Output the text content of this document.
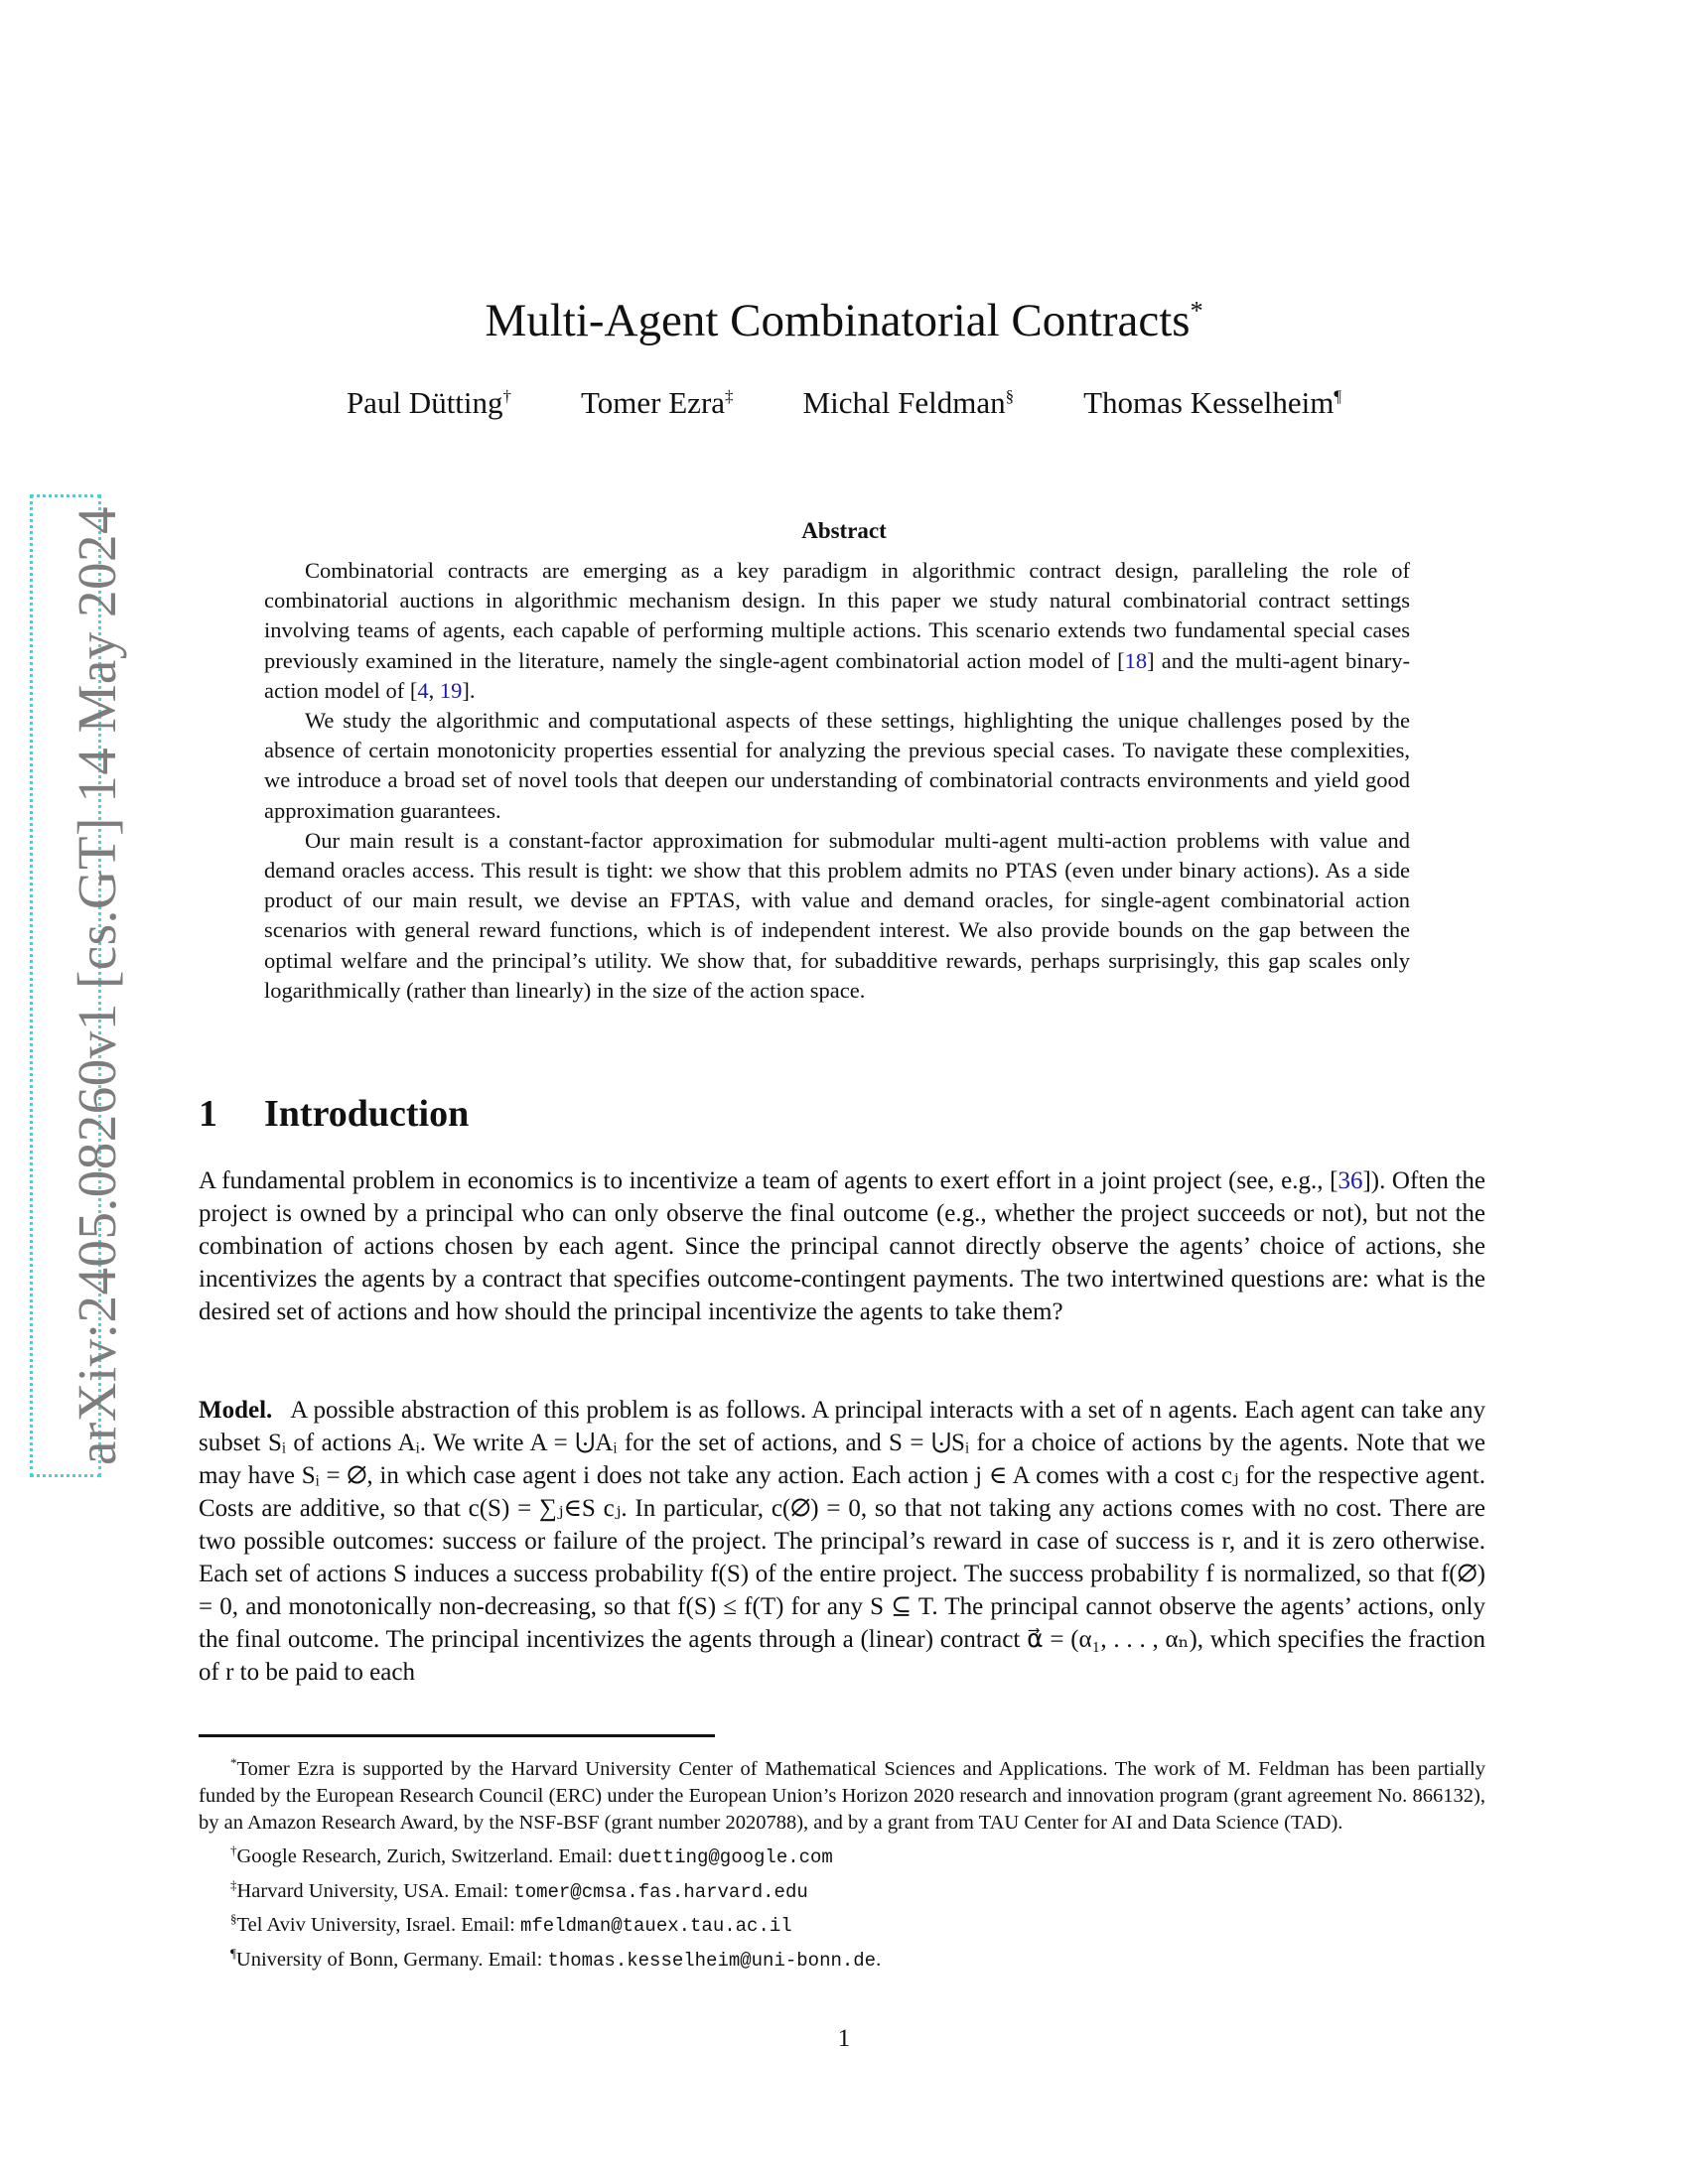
arXiv:2405.08260v1 [cs.GT] 14 May 2024
Multi-Agent Combinatorial Contracts*
Paul Dütting† Tomer Ezra‡ Michal Feldman§ Thomas Kesselheim¶
Abstract

Combinatorial contracts are emerging as a key paradigm in algorithmic contract design, paralleling the role of combinatorial auctions in algorithmic mechanism design. In this paper we study natural combinatorial contract settings involving teams of agents, each capable of performing multiple actions. This scenario extends two fundamental special cases previously examined in the literature, namely the single-agent combinatorial action model of [18] and the multi-agent binary-action model of [4, 19].

We study the algorithmic and computational aspects of these settings, highlighting the unique challenges posed by the absence of certain monotonicity properties essential for analyzing the previous special cases. To navigate these complexities, we introduce a broad set of novel tools that deepen our understanding of combinatorial contracts environments and yield good approximation guarantees.

Our main result is a constant-factor approximation for submodular multi-agent multi-action problems with value and demand oracles access. This result is tight: we show that this problem admits no PTAS (even under binary actions). As a side product of our main result, we devise an FPTAS, with value and demand oracles, for single-agent combinatorial action scenarios with general reward functions, which is of independent interest. We also provide bounds on the gap between the optimal welfare and the principal’s utility. We show that, for subadditive rewards, perhaps surprisingly, this gap scales only logarithmically (rather than linearly) in the size of the action space.

1 Introduction

A fundamental problem in economics is to incentivize a team of agents to exert effort in a joint project (see, e.g., [36]). Often the project is owned by a principal who can only observe the final outcome (e.g., whether the project succeeds or not), but not the combination of actions chosen by each agent. Since the principal cannot directly observe the agents’ choice of actions, she incentivizes the agents by a contract that specifies outcome-contingent payments. The two intertwined questions are: what is the desired set of actions and how should the principal incentivize the agents to take them?

Model. A possible abstraction of this problem is as follows. A principal interacts with a set of n agents. Each agent can take any subset Sᵢ of actions Aᵢ. We write A = ⨃Aᵢ for the set of actions, and S = ⨃Sᵢ for a choice of actions by the agents. Note that we may have Sᵢ = ∅, in which case agent i does not take any action. Each action j ∈ A comes with a cost cⱼ for the respective agent. Costs are additive, so that c(S) = ∑ⱼ∈S cⱼ. In particular, c(∅) = 0, so that not taking any actions comes with no cost. There are two possible outcomes: success or failure of the project. The principal’s reward in case of success is r, and it is zero otherwise. Each set of actions S induces a success probability f(S) of the entire project. The success probability f is normalized, so that f(∅) = 0, and monotonically non-decreasing, so that f(S) ≤ f(T) for any S ⊆ T. The principal cannot observe the agents’ actions, only the final outcome. The principal incentivizes the agents through a (linear) contract α⃗ = (α₁, . . . , αₙ), which specifies the fraction of r to be paid to each

*Tomer Ezra is supported by the Harvard University Center of Mathematical Sciences and Applications. The work of M. Feldman has been partially funded by the European Research Council (ERC) under the European Union’s Horizon 2020 research and innovation program (grant agreement No. 866132), by an Amazon Research Award, by the NSF-BSF (grant number 2020788), and by a grant from TAU Center for AI and Data Science (TAD).

†Google Research, Zurich, Switzerland. Email: duetting@google.com

‡Harvard University, USA. Email: tomer@cmsa.fas.harvard.edu

§Tel Aviv University, Israel. Email: mfeldman@tauex.tau.ac.il

¶University of Bonn, Germany. Email: thomas.kesselheim@uni-bonn.de.

1
